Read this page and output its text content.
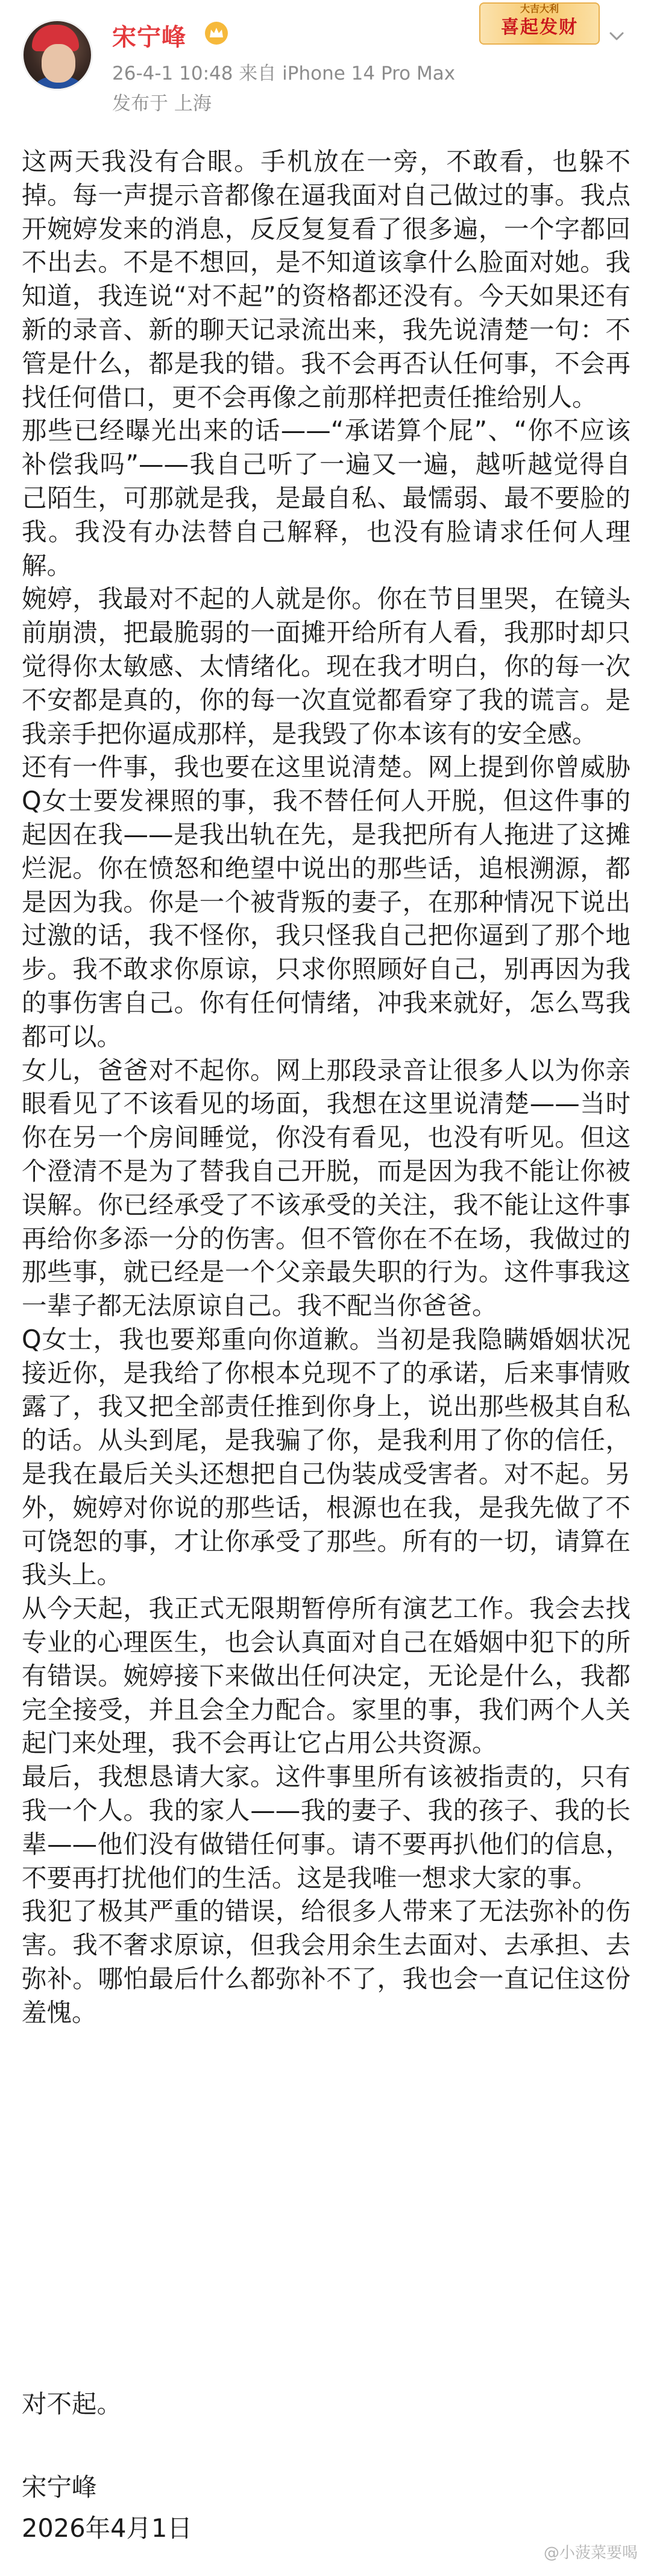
宋宁峰
26-4-1 10:48 来自 iPhone 14 Pro Max
发布于 上海
大吉大利
喜起发财

这两天我没有合眼。手机放在一旁，不敢看，也躲不掉。每一声提示音都像在逼我面对自己做过的事。我点开婉婷发来的消息，反反复复看了很多遍，一个字都回不出去。不是不想回，是不知道该拿什么脸面对她。我知道，我连说“对不起”的资格都还没有。今天如果还有新的录音、新的聊天记录流出来，我先说清楚一句：不管是什么，都是我的错。我不会再否认任何事，不会再找任何借口，更不会再像之前那样把责任推给别人。

那些已经曝光出来的话——“承诺算个屁”、“你不应该补偿我吗”——我自己听了一遍又一遍，越听越觉得自己陌生，可那就是我，是最自私、最懦弱、最不要脸的我。我没有办法替自己解释，也没有脸请求任何人理解。

婉婷，我最对不起的人就是你。你在节目里哭，在镜头前崩溃，把最脆弱的一面摊开给所有人看，我那时却只觉得你太敏感、太情绪化。现在我才明白，你的每一次不安都是真的，你的每一次直觉都看穿了我的谎言。是我亲手把你逼成那样，是我毁了你本该有的安全感。

还有一件事，我也要在这里说清楚。网上提到你曾威胁Q女士要发裸照的事，我不替任何人开脱，但这件事的起因在我——是我出轨在先，是我把所有人拖进了这摊烂泥。你在愤怒和绝望中说出的那些话，追根溯源，都是因为我。你是一个被背叛的妻子，在那种情况下说出过激的话，我不怪你，我只怪我自己把你逼到了那个地步。我不敢求你原谅，只求你照顾好自己，别再因为我的事伤害自己。你有任何情绪，冲我来就好，怎么骂我都可以。

女儿，爸爸对不起你。网上那段录音让很多人以为你亲眼看见了不该看见的场面，我想在这里说清楚——当时你在另一个房间睡觉，你没有看见，也没有听见。但这个澄清不是为了替我自己开脱，而是因为我不能让你被误解。你已经承受了不该承受的关注，我不能让这件事再给你多添一分的伤害。但不管你在不在场，我做过的那些事，就已经是一个父亲最失职的行为。这件事我这一辈子都无法原谅自己。我不配当你爸爸。

Q女士，我也要郑重向你道歉。当初是我隐瞒婚姻状况接近你，是我给了你根本兑现不了的承诺，后来事情败露了，我又把全部责任推到你身上，说出那些极其自私的话。从头到尾，是我骗了你，是我利用了你的信任，是我在最后关头还想把自己伪装成受害者。对不起。另外，婉婷对你说的那些话，根源也在我，是我先做了不可饶恕的事，才让你承受了那些。所有的一切，请算在我头上。

从今天起，我正式无限期暂停所有演艺工作。我会去找专业的心理医生，也会认真面对自己在婚姻中犯下的所有错误。婉婷接下来做出任何决定，无论是什么，我都完全接受，并且会全力配合。家里的事，我们两个人关起门来处理，我不会再让它占用公共资源。

最后，我想恳请大家。这件事里所有该被指责的，只有我一个人。我的家人——我的妻子、我的孩子、我的长辈——他们没有做错任何事。请不要再扒他们的信息，不要再打扰他们的生活。这是我唯一想求大家的事。

我犯了极其严重的错误，给很多人带来了无法弥补的伤害。我不奢求原谅，但我会用余生去面对、去承担、去弥补。哪怕最后什么都弥补不了，我也会一直记住这份羞愧。

对不起。
宋宁峰
2026年4月1日
@小菠菜要喝
